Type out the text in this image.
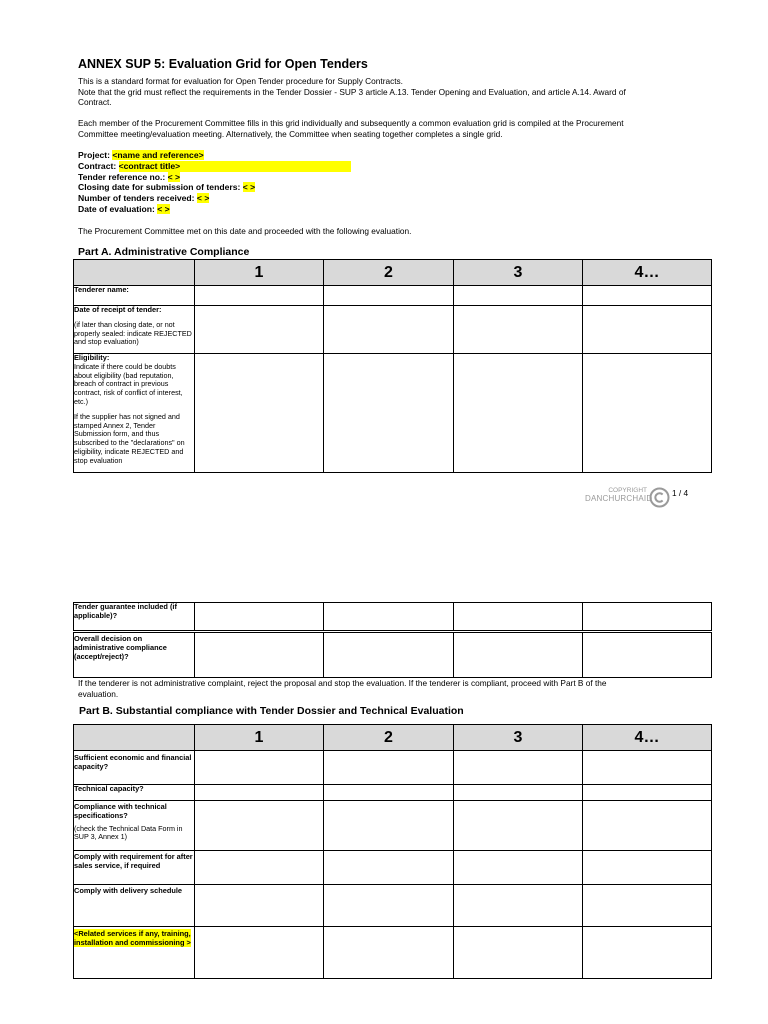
ANNEX SUP 5: Evaluation Grid for Open Tenders
This is a standard format for evaluation for Open Tender procedure for Supply Contracts.
Note that the grid must reflect the requirements in the Tender Dossier - SUP 3 article A.13. Tender Opening and Evaluation, and article A.14. Award of
Contract.
Each member of the Procurement Committee fills in this grid individually and subsequently a common evaluation grid is compiled at the Procurement
Committee meeting/evaluation meeting. Alternatively, the Committee when seating together completes a single grid.
Project: <name and reference>
Contract: <contract title>
Tender reference no.: < >
Closing date for submission of tenders: < >
Number of tenders received: < >
Date of evaluation: < >
The Procurement Committee met on this date and proceeded with the following evaluation.
Part A. Administrative Compliance
	1	2	3	4…
Tenderer name:				
Date of receipt of tender:
(if later than closing date, or not properly sealed: indicate REJECTED and stop evaluation)				

Eligibility:
Indicate if there could be doubts about eligibility (bad reputation, breach of contract in previous contract, risk of conflict of interest, etc.)
If the supplier has not signed and stamped Annex 2, Tender Submission form, and thus subscribed to the "declarations" on eligibility, indicate REJECTED and stop evaluation				

COPYRIGHT
DANCHURCHAID
1 / 4
Tender guarantee included (if applicable)?				
Overall decision on administrative compliance (accept/reject)?				
If the tenderer is not administrative complaint, reject the proposal and stop the evaluation. If the tenderer is compliant, proceed with Part B of the
evaluation.
Part B. Substantial compliance with Tender Dossier and Technical Evaluation
	1	2	3	4…
Sufficient economic and financial capacity?				
Technical capacity?				
Compliance with technical specifications?
(check the Technical Data Form in SUP 3, Annex 1)				

Comply with requirement for after sales service, if required				
Comply with delivery schedule				
<Related services if any, training, installation and commissioning >				
